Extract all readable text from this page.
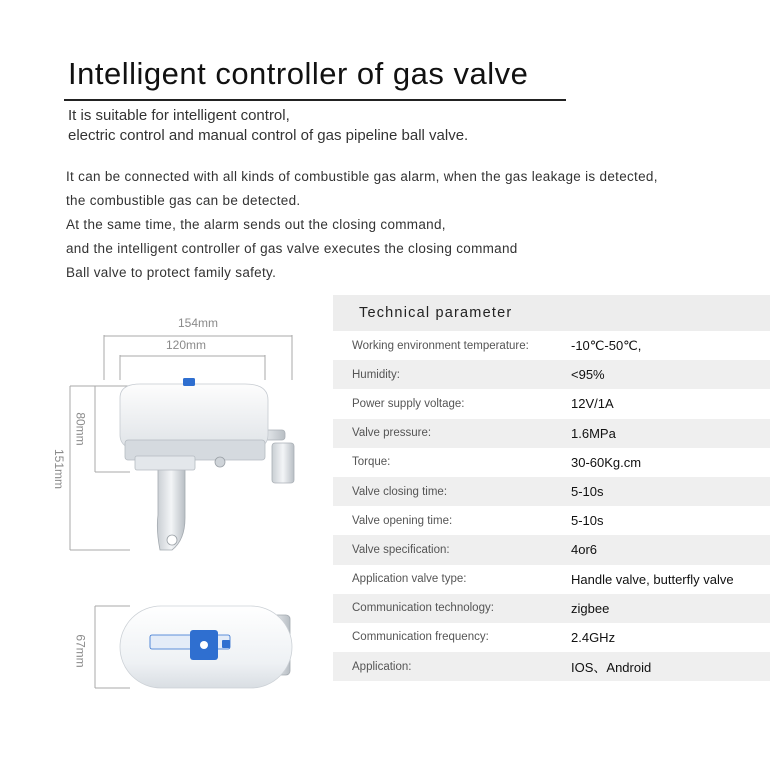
Intelligent controller of gas valve
It is suitable for intelligent control,
electric control and manual control of gas pipeline ball valve.
It can be connected with all kinds of combustible gas alarm, when the gas leakage is detected,
the combustible gas can be detected.
At the same time, the alarm sends out the closing command,
and the intelligent controller of gas valve executes the closing command
Ball valve to protect family safety.
154mm
120mm
80mm
151mm
67mm
Technical parameter
Working environment temperature:	-10℃-50℃,
Humidity:	<95%
Power supply voltage:	12V/1A
Valve pressure:	1.6MPa
Torque:	30-60Kg.cm
Valve closing time:	5-10s
Valve opening time:	5-10s
Valve specification:	4or6
Application valve type:	Handle valve, butterfly valve
Communication technology:	zigbee
Communication frequency:	2.4GHz
Application:	IOS、Android
